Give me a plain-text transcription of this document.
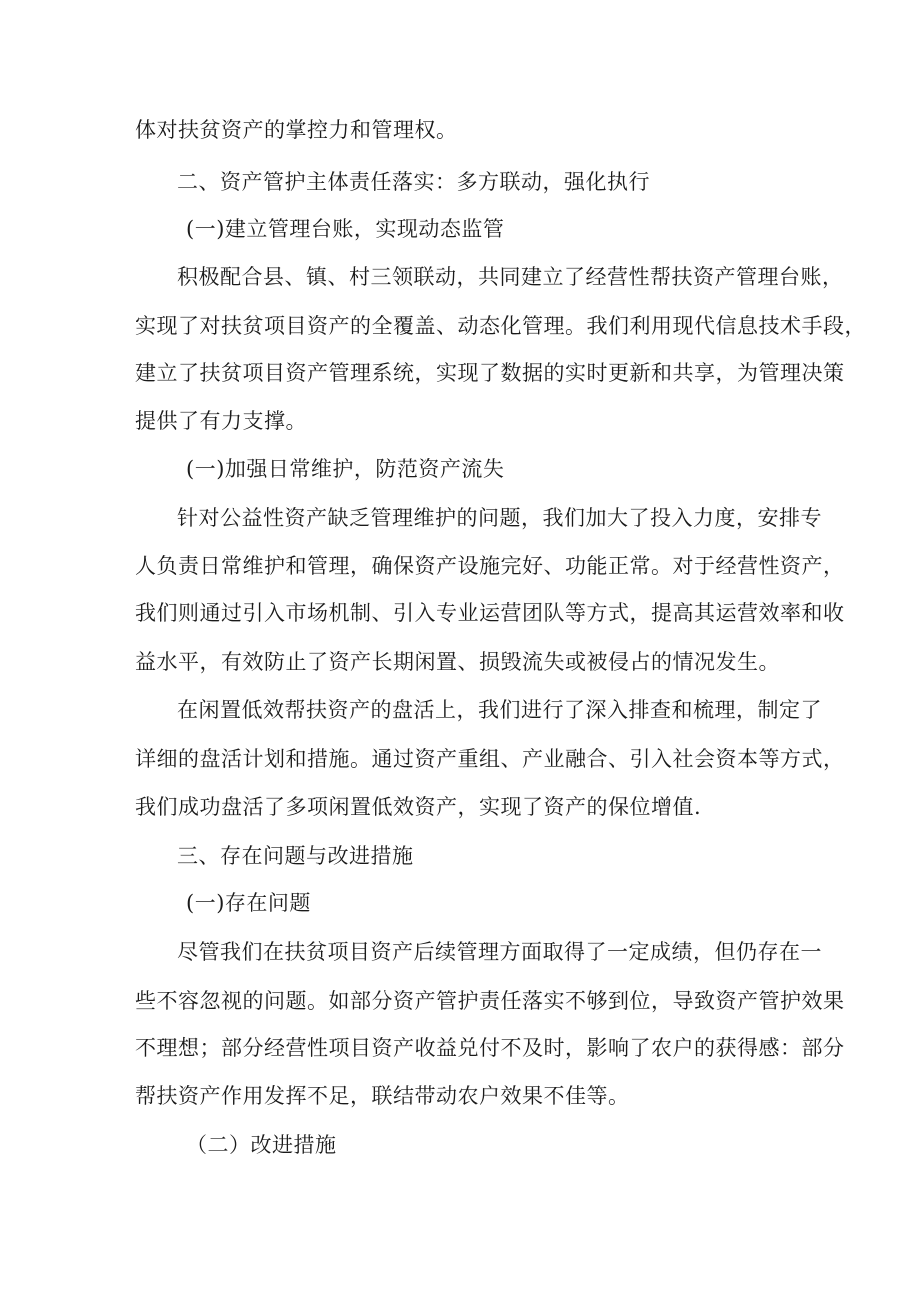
体对扶贫资产的掌控力和管理权。
二、资产管护主体责任落实：多方联动，强化执行
(一)建立管理台账，实现动态监管
积极配合县、镇、村三领联动，共同建立了经营性帮扶资产管理台账，
实现了对扶贫项目资产的全覆盖、动态化管理。我们利用现代信息技术手段，
建立了扶贫项目资产管理系统，实现了数据的实时更新和共享，为管理决策
提供了有力支撑。
(一)加强日常维护，防范资产流失
针对公益性资产缺乏管理维护的问题，我们加大了投入力度，安排专
人负责日常维护和管理，确保资产设施完好、功能正常。对于经营性资产，
我们则通过引入市场机制、引入专业运营团队等方式，提高其运营效率和收
益水平，有效防止了资产长期闲置、损毁流失或被侵占的情况发生。
在闲置低效帮扶资产的盘活上，我们进行了深入排查和梳理，制定了
详细的盘活计划和措施。通过资产重组、产业融合、引入社会资本等方式，
我们成功盘活了多项闲置低效资产，实现了资产的保位增值.
三、存在问题与改进措施
(一)存在问题
尽管我们在扶贫项目资产后续管理方面取得了一定成绩，但仍存在一
些不容忽视的问题。如部分资产管护责任落实不够到位，导致资产管护效果
不理想；部分经营性项目资产收益兑付不及时，影响了农户的获得感：部分
帮扶资产作用发挥不足，联结带动农户效果不佳等。
（二）改进措施
